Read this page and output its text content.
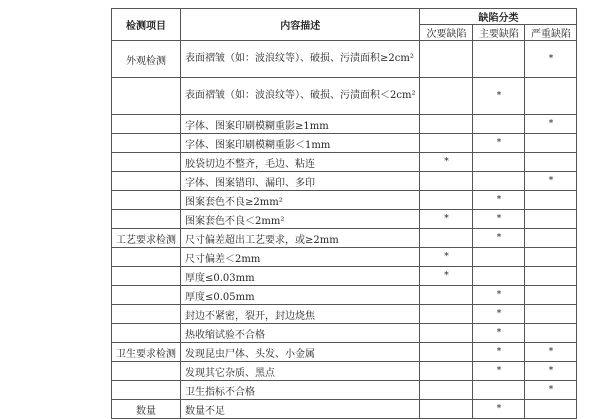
检测项目	内容描述	缺陷分类		
		次要缺陷	主要缺陷	严重缺陷
外观检测	表面褶皱（如：波浪纹等）、破损、污渍面积≥2cm²			*
	表面褶皱（如：波浪纹等）、破损、污渍面积＜2cm²		*	
	字体、图案印刷模糊重影≥1mm			*
	字体、图案印刷模糊重影＜1mm		*	
	胶袋切边不整齐，毛边、粘连	*		
	字体、图案错印、漏印、多印			*
	图案套色不良≥2mm²		*	
	图案套色不良＜2mm²	*	*	
工艺要求检测	尺寸偏差超出工艺要求，或≥2mm		*	
	尺寸偏差＜2mm	*		
	厚度≤0.03mm	*		
	厚度≤0.05mm		*	
	封边不紧密，裂开，封边烧焦		*	
	热收缩试验不合格		*	
卫生要求检测	发现昆虫尸体、头发、小金属		*	*
	发现其它杂质、黑点		*	*
	卫生指标不合格			*
数量	数量不足		*	
